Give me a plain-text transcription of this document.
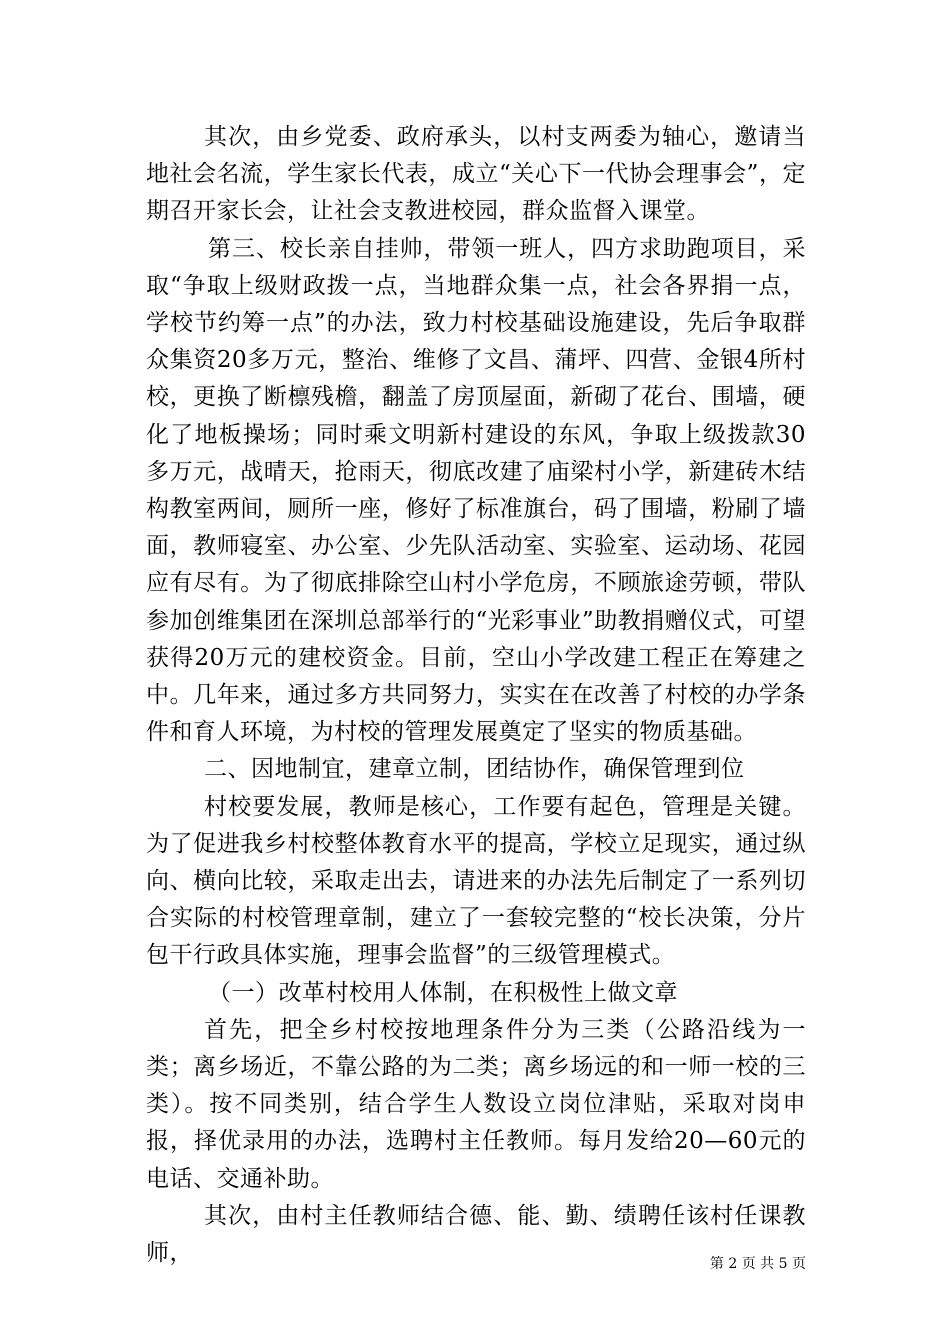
其次，由乡党委、政府承头，以村支两委为轴心，邀请当地社会名流，学生家长代表，成立“关心下一代协会理事会”，定期召开家长会，让社会支教进校园，群众监督入课堂。

第三、校长亲自挂帅，带领一班人，四方求助跑项目，采取“争取上级财政拨一点，当地群众集一点，社会各界捐一点，学校节约筹一点”的办法，致力村校基础设施建设，先后争取群众集资20多万元，整治、维修了文昌、蒲坪、四营、金银4所村校，更换了断檩残檐，翻盖了房顶屋面，新砌了花台、围墙，硬化了地板操场；同时乘文明新村建设的东风，争取上级拨款30多万元，战晴天，抢雨天，彻底改建了庙梁村小学，新建砖木结构教室两间，厕所一座，修好了标准旗台，码了围墙，粉刷了墙面，教师寝室、办公室、少先队活动室、实验室、运动场、花园应有尽有。为了彻底排除空山村小学危房，不顾旅途劳顿，带队参加创维集团在深圳总部举行的“光彩事业”助教捐赠仪式，可望获得20万元的建校资金。目前，空山小学改建工程正在筹建之中。几年来，通过多方共同努力，实实在在改善了村校的办学条件和育人环境，为村校的管理发展奠定了坚实的物质基础。

二、因地制宜，建章立制，团结协作，确保管理到位

村校要发展，教师是核心，工作要有起色，管理是关键。为了促进我乡村校整体教育水平的提高，学校立足现实，通过纵向、横向比较，采取走出去，请进来的办法先后制定了一系列切合实际的村校管理章制，建立了一套较完整的“校长决策，分片包干行政具体实施，理事会监督”的三级管理模式。

（一）改革村校用人体制，在积极性上做文章

首先，把全乡村校按地理条件分为三类（公路沿线为一类；离乡场近，不靠公路的为二类；离乡场远的和一师一校的三类）。按不同类别，结合学生人数设立岗位津贴，采取对岗申报，择优录用的办法，选聘村主任教师。每月发给20—60元的电话、交通补助。

其次，由村主任教师结合德、能、勤、绩聘任该村任课教师，	第 2 页 共 5 页
